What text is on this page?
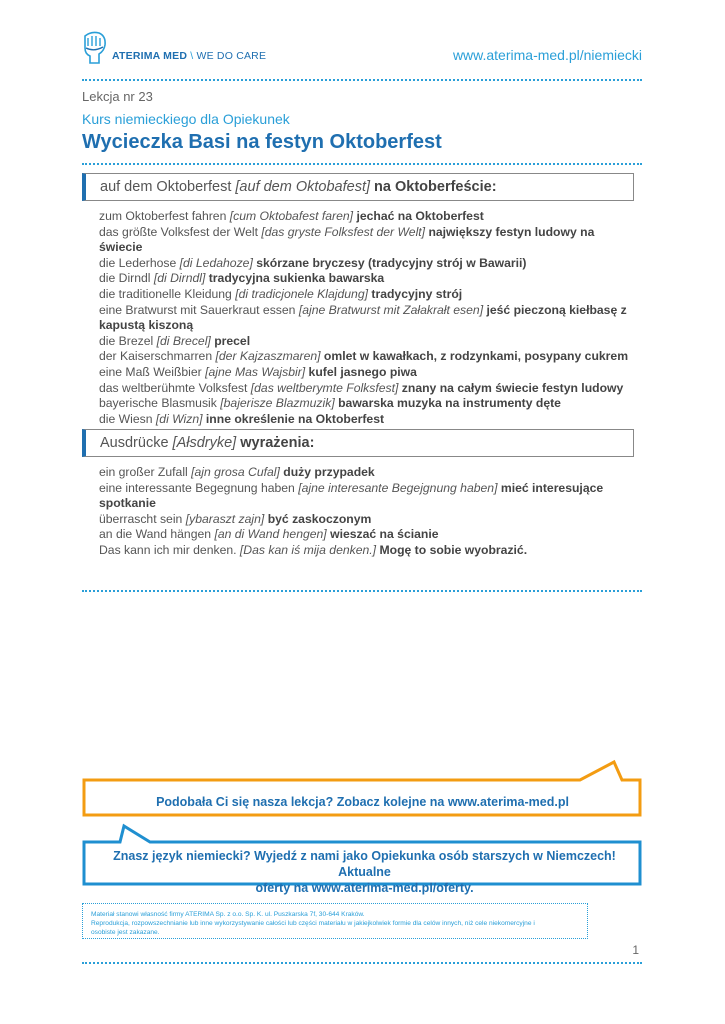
ATERIMA MED \ WE DO CARE	www.aterima-med.pl/niemiecki
Lekcja nr 23
Kurs niemieckiego dla Opiekunek
Wycieczka Basi na festyn Oktoberfest
auf dem Oktoberfest [auf dem Oktobafest] na Oktoberfeście:

zum Oktoberfest fahren [cum Oktobafest faren] jechać na Oktoberfest

das größte Volksfest der Welt [das gryste Folksfest der Welt] największy festyn ludowy na świecie

die Lederhose [di Ledahoze] skórzane bryczesy (tradycyjny strój w Bawarii)

die Dirndl [di Dirndl] tradycyjna sukienka bawarska

die traditionelle Kleidung [di tradicjonele Klajdung] tradycyjny strój

eine Bratwurst mit Sauerkraut essen [ajne Bratwurst mit Załakrałt esen] jeść pieczoną kiełbasę z kapustą kiszoną

die Brezel [di Brecel] precel

der Kaiserschmarren [der Kajzaszmaren] omlet w kawałkach, z rodzynkami, posypany cukrem

eine Maß Weißbier [ajne Mas Wajsbir] kufel jasnego piwa

das weltberühmte Volksfest [das weltberymte Folksfest] znany na całym świecie festyn ludowy

bayerische Blasmusik [bajerisze Blazmuzik] bawarska muzyka na instrumenty dęte

die Wiesn [di Wizn] inne określenie na Oktoberfest

Ausdrücke [Ałsdryke] wyrażenia:

ein großer Zufall [ajn grosa Cufal] duży przypadek

eine interessante Begegnung haben [ajne interesante Begejgnung haben] mieć interesujące spotkanie

überrascht sein [ybaraszt zajn] być zaskoczonym

an die Wand hängen [an di Wand hengen] wieszać na ścianie

Das kann ich mir denken. [Das kan iś mija denken.] Mogę to sobie wyobrazić.

Podobała Ci się nasza lekcja? Zobacz kolejne na www.aterima-med.pl
Znasz język niemiecki? Wyjedź z nami jako Opiekunka osób starszych w Niemczech! Aktualne
oferty na www.aterima-med.pl/oferty.
Materiał stanowi własność firmy ATERIMA Sp. z o.o. Sp. K. ul. Puszkarska 7f, 30-644 Kraków.
Reprodukcja, rozpowszechnianie lub inne wykorzystywanie całości lub części materiału w jakiejkolwiek formie dla celów innych, niż cele niekomercyjne i
osobiste jest zakazane.
1
